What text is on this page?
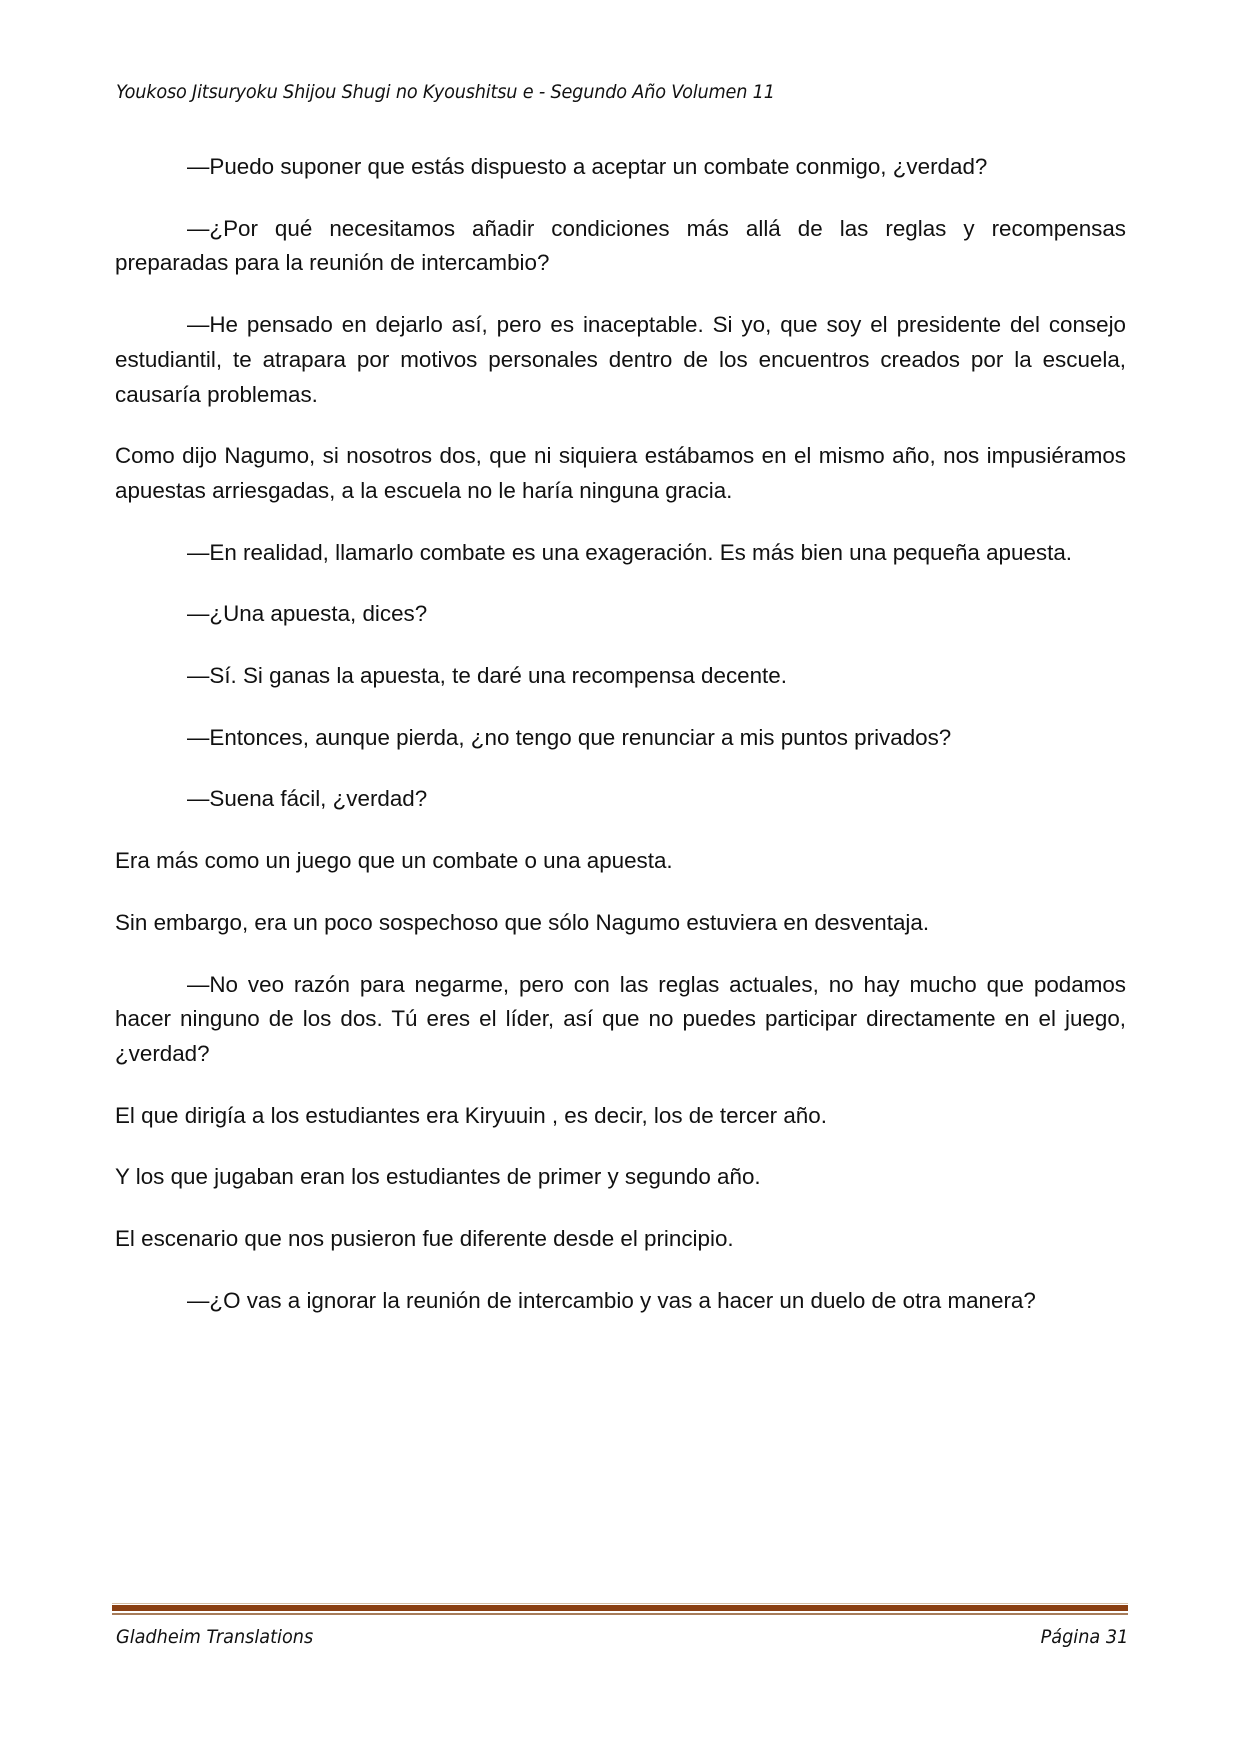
Youkoso Jitsuryoku Shijou Shugi no Kyoushitsu e - Segundo Año Volumen 11

—Puedo suponer que estás dispuesto a aceptar un combate conmigo, ¿verdad?

—¿Por qué necesitamos añadir condiciones más allá de las reglas y recompensas preparadas para la reunión de intercambio?

—He pensado en dejarlo así, pero es inaceptable. Si yo, que soy el presidente del consejo estudiantil, te atrapara por motivos personales dentro de los encuentros creados por la escuela, causaría problemas.

Como dijo Nagumo, si nosotros dos, que ni siquiera estábamos en el mismo año, nos impusiéramos apuestas arriesgadas, a la escuela no le haría ninguna gracia.

—En realidad, llamarlo combate es una exageración. Es más bien una pequeña apuesta.

—¿Una apuesta, dices?

—Sí. Si ganas la apuesta, te daré una recompensa decente.

—Entonces, aunque pierda, ¿no tengo que renunciar a mis puntos privados?

—Suena fácil, ¿verdad?

Era más como un juego que un combate o una apuesta.

Sin embargo, era un poco sospechoso que sólo Nagumo estuviera en desventaja.

—No veo razón para negarme, pero con las reglas actuales, no hay mucho que podamos hacer ninguno de los dos. Tú eres el líder, así que no puedes participar directamente en el juego, ¿verdad?

El que dirigía a los estudiantes era Kiryuuin , es decir, los de tercer año.

Y los que jugaban eran los estudiantes de primer y segundo año.

El escenario que nos pusieron fue diferente desde el principio.

—¿O vas a ignorar la reunión de intercambio y vas a hacer un duelo de otra manera?

Gladheim Translations	Página 31
